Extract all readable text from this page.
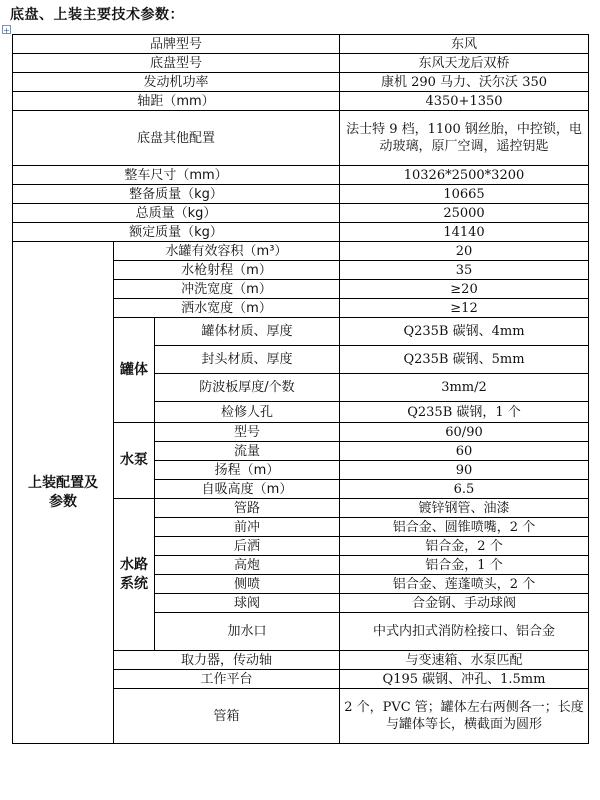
底盘、上装主要技术参数：
+
品牌型号			东风
底盘型号			东风天龙后双桥
发动机功率			康机 290 马力、沃尔沃 350
轴距（mm）			4350+1350
底盘其他配置			法士特 9 档，1100 钢丝胎，中控锁，电动玻璃，原厂空调，遥控钥匙
整车尺寸（mm）			10326*2500*3200
整备质量（kg）			10665
总质量（kg）			25000
额定质量（kg）			14140
上装配置及参数	水罐有效容积（m³）		20
	水枪射程（m）		35
	冲洗宽度（m）		≥20
	洒水宽度（m）		≥12
	罐体	罐体材质、厚度	Q235B 碳钢、4mm
		封头材质、厚度	Q235B 碳钢、5mm
		防波板厚度/个数	3mm/2
		检修人孔	Q235B 碳钢，1 个
	水泵	型号	60/90
		流量	60
		扬程（m）	90
		自吸高度（m）	6.5
	水路系统	管路	镀锌钢管、油漆
		前冲	铝合金、圆锥喷嘴，2 个
		后洒	铝合金，2 个
		高炮	铝合金，1 个
		侧喷	铝合金、莲蓬喷头，2 个
		球阀	合金钢、手动球阀
		加水口	中式内扣式消防栓接口、铝合金
	取力器，传动轴		与变速箱、水泵匹配
	工作平台		Q195 碳钢、冲孔、1.5mm
	管箱		2 个，PVC 管；罐体左右两侧各一；长度与罐体等长，横截面为圆形
